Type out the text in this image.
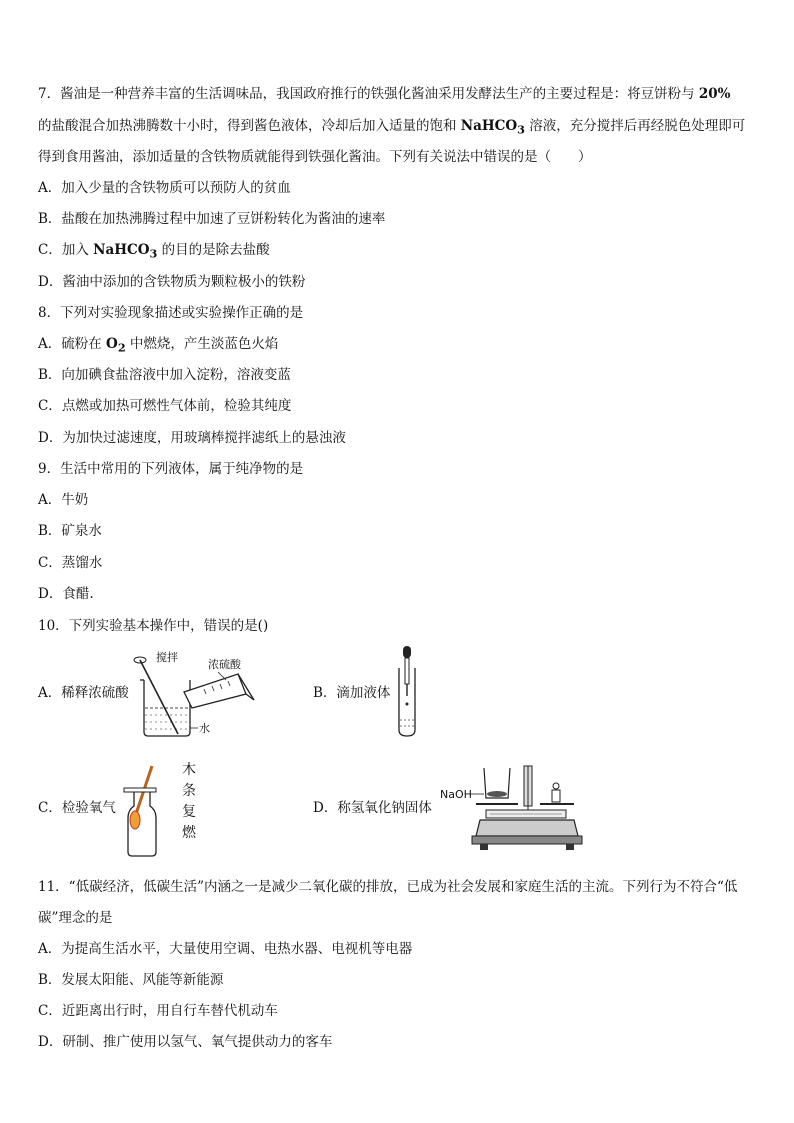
7．酱油是一种营养丰富的生活调味品，我国政府推行的铁强化酱油采用发酵法生产的主要过程是：将豆饼粉与 20%
的盐酸混合加热沸腾数十小时，得到酱色液体，冷却后加入适量的饱和 NaHCO$_3$ 溶液，充分搅拌后再经脱色处理即可
得到食用酱油，添加适量的含铁物质就能得到铁强化酱油。下列有关说法中错误的是（　　）
A．加入少量的含铁物质可以预防人的贫血
B．盐酸在加热沸腾过程中加速了豆饼粉转化为酱油的速率
C．加入 NaHCO$_3$ 的目的是除去盐酸
D．酱油中添加的含铁物质为颗粒极小的铁粉
8．下列对实验现象描述或实验操作正确的是
A．硫粉在 $O_2$ 中燃烧，产生淡蓝色火焰
B．向加碘食盐溶液中加入淀粉，溶液变蓝
C．点燃或加热可燃性气体前，检验其纯度
D．为加快过滤速度，用玻璃棒搅拌滤纸上的悬浊液
9．生活中常用的下列液体，属于纯净物的是
A．牛奶
B．矿泉水
C．蒸馏水
D．食醋.
10．下列实验基本操作中，错误的是()
A．稀释浓硫酸
搅拌
浓硫酸
水
B．滴加液体
C．检验氧气
木
条
复
燃
D．称氢氧化钠固体
NaOH
11．“低碳经济，低碳生活”内涵之一是减少二氧化碳的排放，已成为社会发展和家庭生活的主流。下列行为不符合“低
碳”理念的是
A．为提高生活水平，大量使用空调、电热水器、电视机等电器
B．发展太阳能、风能等新能源
C．近距离出行时，用自行车替代机动车
D．研制、推广使用以氢气、氧气提供动力的客车
